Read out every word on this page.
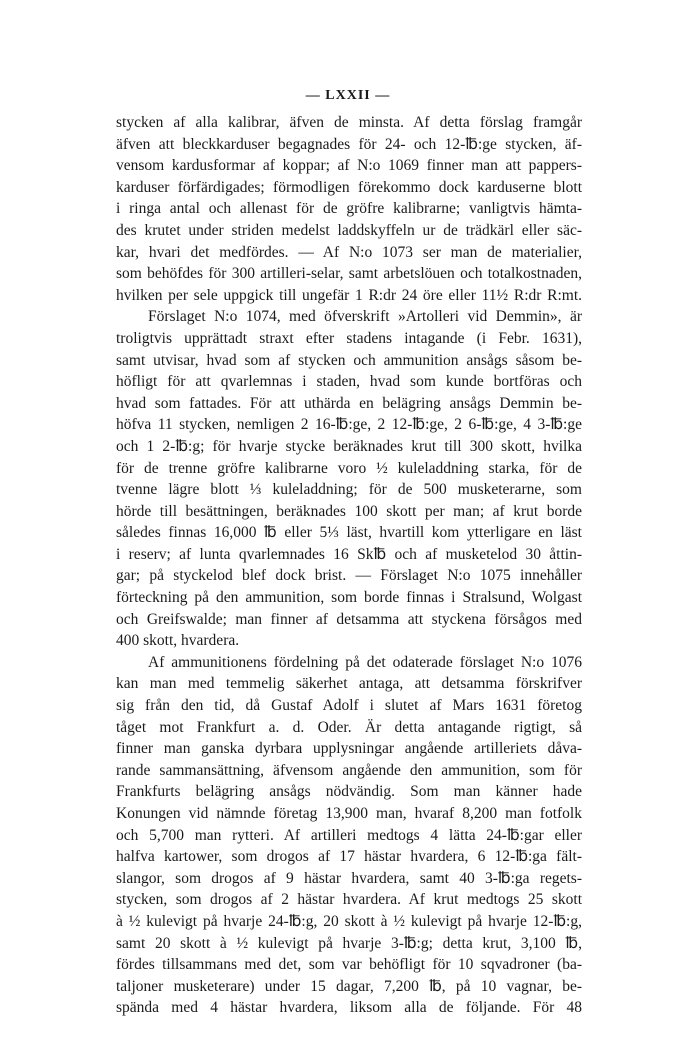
— LXXII —
stycken af alla kalibrar, äfven de minsta. Af detta förslag framgår
äfven att bleckkarduser begagnades för 24- och 12-℔:ge stycken, äf-
vensom kardusformar af koppar; af N:o 1069 finner man att pappers-
karduser förfärdigades; förmodligen förekommo dock karduserne blott
i ringa antal och allenast för de gröfre kalibrarne; vanligtvis hämta-
des krutet under striden medelst laddskyffeln ur de trädkärl eller säc-
kar, hvari det medfördes. — Af N:o 1073 ser man de materialier,
som behöfdes för 300 artilleri-selar, samt arbetslöuen och totalkostnaden,
hvilken per sele uppgick till ungefär 1 R:dr 24 öre eller 11½ R:dr R:mt.
Förslaget N:o 1074, med öfverskrift »Artolleri vid Demmin», är
troligtvis upprättadt straxt efter stadens intagande (i Febr. 1631),
samt utvisar, hvad som af stycken och ammunition ansågs såsom be-
höfligt för att qvarlemnas i staden, hvad som kunde bortföras och
hvad som fattades. För att uthärda en belägring ansågs Demmin be-
höfva 11 stycken, nemligen 2 16-℔:ge, 2 12-℔:ge, 2 6-℔:ge, 4 3-℔:ge
och 1 2-℔:g; för hvarje stycke beräknades krut till 300 skott, hvilka
för de trenne gröfre kalibrarne voro ½ kuleladdning starka, för de
tvenne lägre blott ⅓ kuleladdning; för de 500 musketerarne, som
hörde till besättningen, beräknades 100 skott per man; af krut borde
således finnas 16,000 ℔ eller 5⅓ läst, hvartill kom ytterligare en läst
i reserv; af lunta qvarlemnades 16 Sk℔ och af musketelod 30 åttin-
gar; på styckelod blef dock brist. — Förslaget N:o 1075 innehåller
förteckning på den ammunition, som borde finnas i Stralsund, Wolgast
och Greifswalde; man finner af detsamma att styckena försågos med
400 skott, hvardera.
Af ammunitionens fördelning på det odaterade förslaget N:o 1076
kan man med temmelig säkerhet antaga, att detsamma förskrifver
sig från den tid, då Gustaf Adolf i slutet af Mars 1631 företog
tåget mot Frankfurt a. d. Oder. Är detta antagande rigtigt, så
finner man ganska dyrbara upplysningar angående artilleriets dåva-
rande sammansättning, äfvensom angående den ammunition, som för
Frankfurts belägring ansågs nödvändig. Som man känner hade
Konungen vid nämnde företag 13,900 man, hvaraf 8,200 man fotfolk
och 5,700 man rytteri. Af artilleri medtogs 4 lätta 24-℔:gar eller
halfva kartower, som drogos af 17 hästar hvardera, 6 12-℔:ga fält-
slangor, som drogos af 9 hästar hvardera, samt 40 3-℔:ga regets-
stycken, som drogos af 2 hästar hvardera. Af krut medtogs 25 skott
à ½ kulevigt på hvarje 24-℔:g, 20 skott à ½ kulevigt på hvarje 12-℔:g,
samt 20 skott à ½ kulevigt på hvarje 3-℔:g; detta krut, 3,100 ℔,
fördes tillsammans med det, som var behöfligt för 10 sqvadroner (ba-
taljoner musketerare) under 15 dagar, 7,200 ℔, på 10 vagnar, be-
spända med 4 hästar hvardera, liksom alla de följande. För 48
